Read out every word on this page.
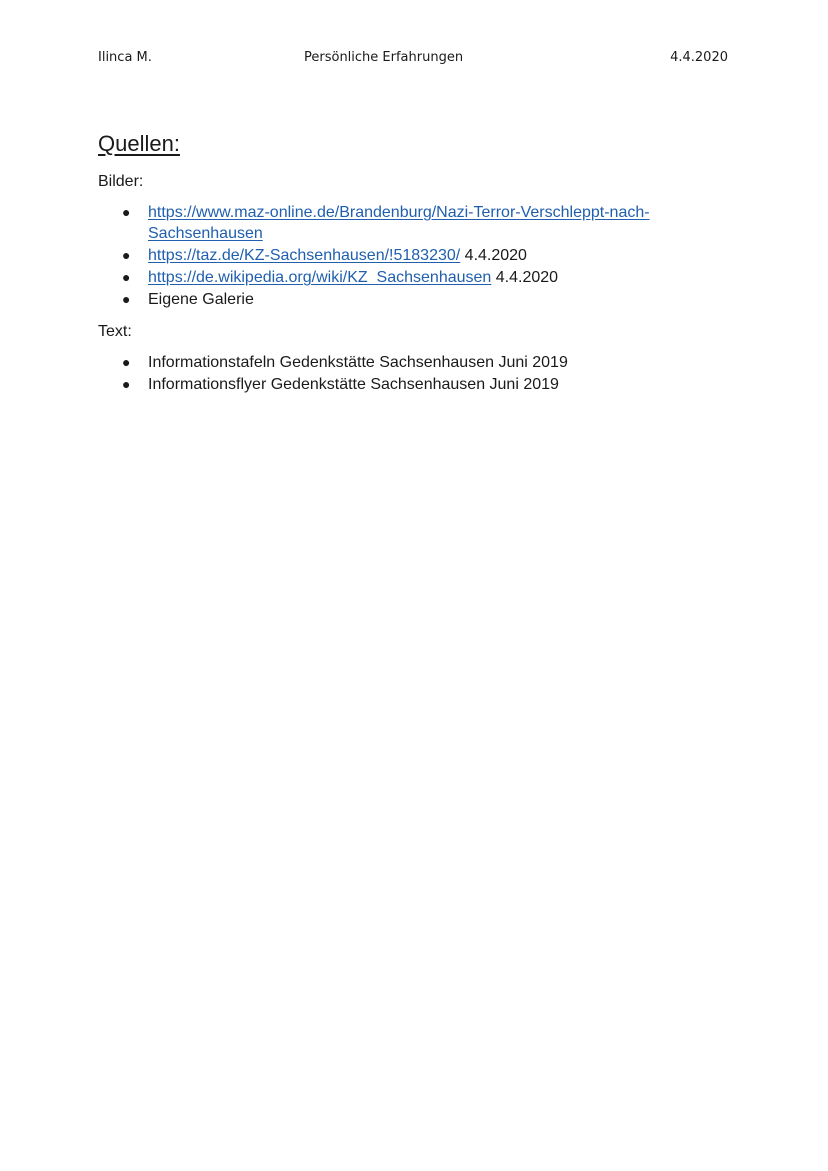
Ilinca M.	Persönliche Erfahrungen	4.4.2020
Quellen:
Bilder:
● https://www.maz-online.de/Brandenburg/Nazi-Terror-Verschleppt-nach-
Sachsenhausen
● https://taz.de/KZ-Sachsenhausen/!5183230/ 4.4.2020
● https://de.wikipedia.org/wiki/KZ_Sachsenhausen 4.4.2020
● Eigene Galerie
Text:
● Informationstafeln Gedenkstätte Sachsenhausen Juni 2019
● Informationsflyer Gedenkstätte Sachsenhausen Juni 2019
